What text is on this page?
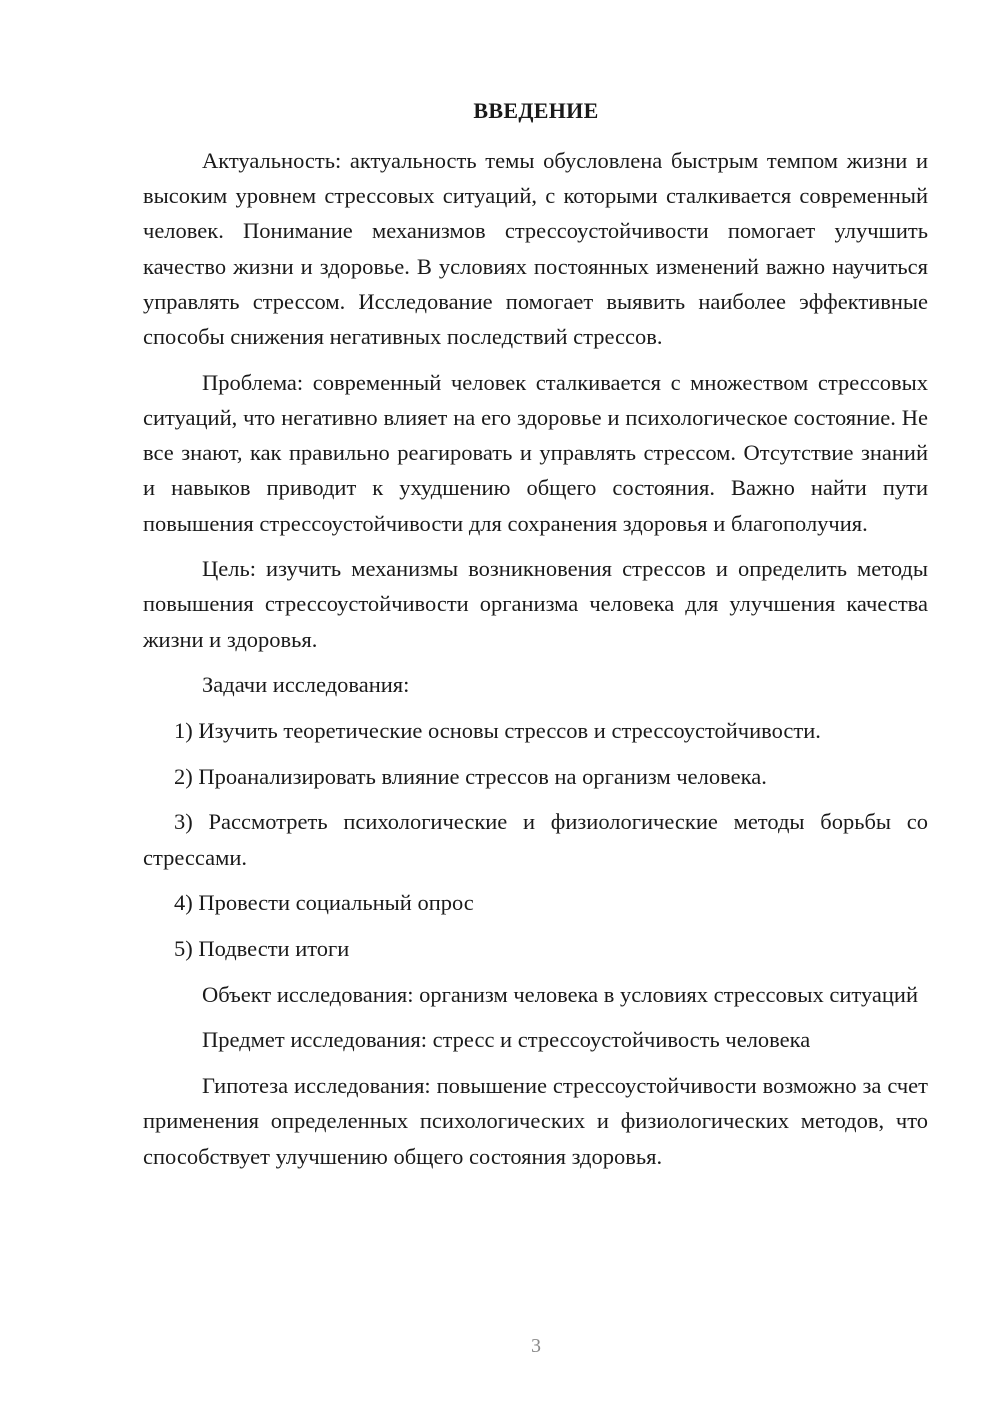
ВВЕДЕНИЕ

Актуальность: актуальность темы обусловлена быстрым темпом жизни и высоким уровнем стрессовых ситуаций, с которыми сталкивается современный человек. Понимание механизмов стрессоустойчивости помогает улучшить качество жизни и здоровье. В условиях постоянных изменений важно научиться управлять стрессом. Исследование помогает выявить наиболее эффективные способы снижения негативных последствий стрессов.

Проблема: современный человек сталкивается с множеством стрессовых ситуаций, что негативно влияет на его здоровье и психологическое состояние. Не все знают, как правильно реагировать и управлять стрессом. Отсутствие знаний и навыков приводит к ухудшению общего состояния. Важно найти пути повышения стрессоустойчивости для сохранения здоровья и благополучия.

Цель: изучить механизмы возникновения стрессов и определить методы повышения стрессоустойчивости организма человека для улучшения качества жизни и здоровья.

Задачи исследования:

1) Изучить теоретические основы стрессов и стрессоустойчивости.

2) Проанализировать влияние стрессов на организм человека.

3) Рассмотреть психологические и физиологические методы борьбы со стрессами.

4) Провести социальный опрос

5) Подвести итоги

Объект исследования: организм человека в условиях стрессовых ситуаций

Предмет исследования: стресс и стрессоустойчивость человека

Гипотеза исследования: повышение стрессоустойчивости возможно за счет применения определенных психологических и физиологических методов, что способствует улучшению общего состояния здоровья.

3
